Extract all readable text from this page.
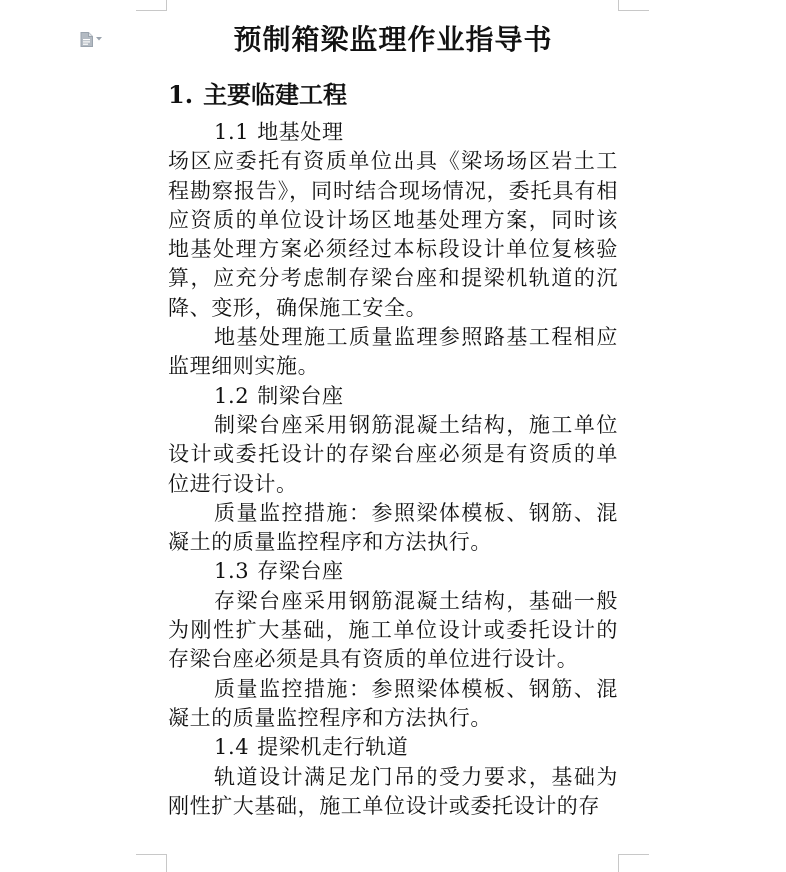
预制箱梁监理作业指导书
1. 主要临建工程

1.1 地基处理

场区应委托有资质单位出具《梁场场区岩土工程勘察报告》，同时结合现场情况，委托具有相应资质的单位设计场区地基处理方案，同时该地基处理方案必须经过本标段设计单位复核验算，应充分考虑制存梁台座和提梁机轨道的沉降、变形，确保施工安全。

地基处理施工质量监理参照路基工程相应监理细则实施。

1.2 制梁台座

制梁台座采用钢筋混凝土结构，施工单位设计或委托设计的存梁台座必须是有资质的单位进行设计。

质量监控措施：参照梁体模板、钢筋、混凝土的质量监控程序和方法执行。

1.3 存梁台座

存梁台座采用钢筋混凝土结构，基础一般为刚性扩大基础，施工单位设计或委托设计的存梁台座必须是具有资质的单位进行设计。

质量监控措施：参照梁体模板、钢筋、混凝土的质量监控程序和方法执行。

1.4 提梁机走行轨道

轨道设计满足龙门吊的受力要求，基础为刚性扩大基础，施工单位设计或委托设计的存
